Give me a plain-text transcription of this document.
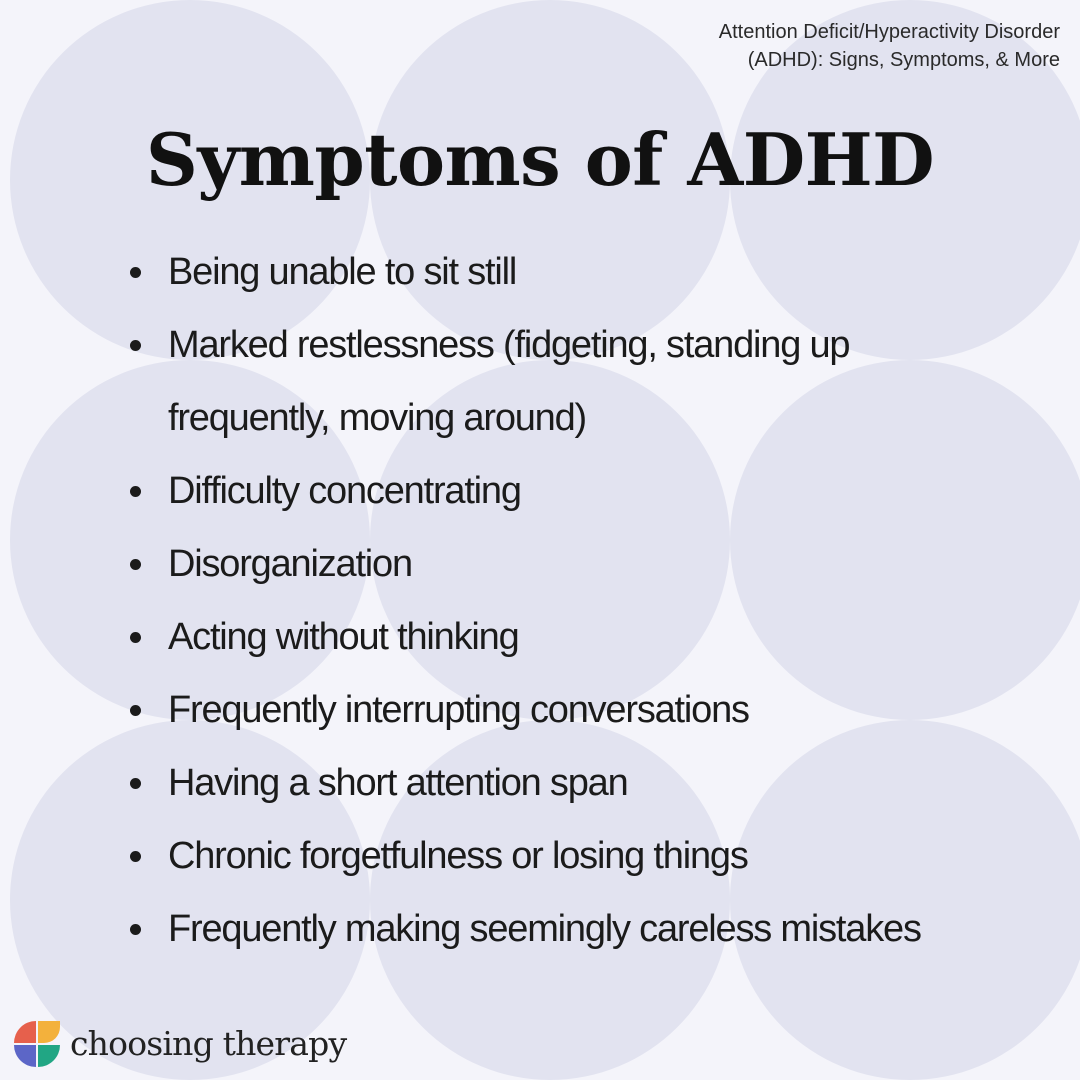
Attention Deficit/Hyperactivity Disorder
(ADHD): Signs, Symptoms, & More
Symptoms of ADHD
Being unable to sit still
Marked restlessness (fidgeting, standing up frequently, moving around)
Difficulty concentrating
Disorganization
Acting without thinking
Frequently interrupting conversations
Having a short attention span
Chronic forgetfulness or losing things
Frequently making seemingly careless mistakes
choosing therapy
